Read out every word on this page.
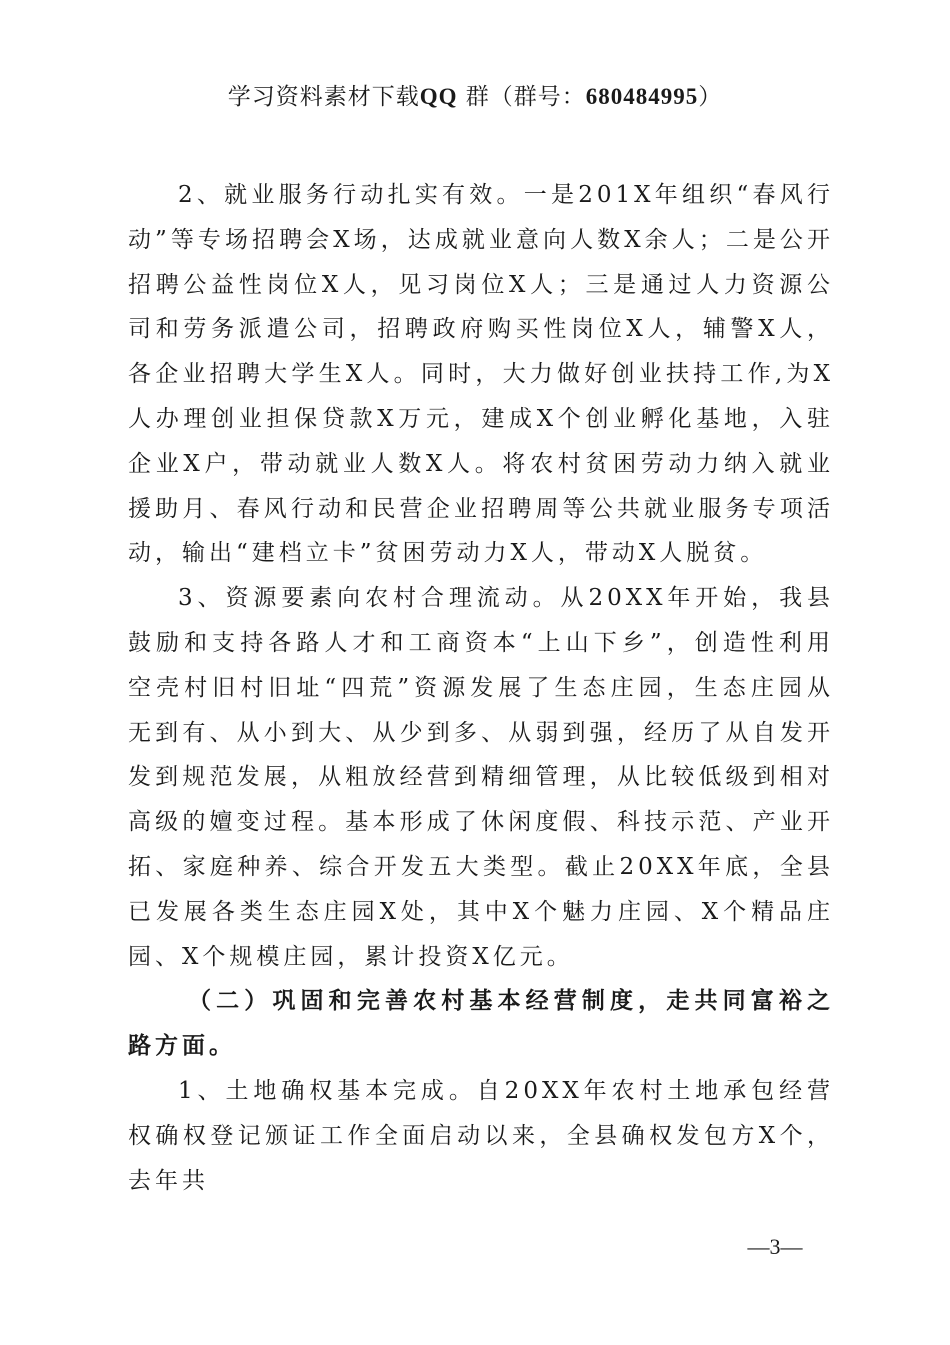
学习资料素材下载QQ 群（群号：680484995）

2、就业服务行动扎实有效。一是201X年组织“春风行动”等专场招聘会X场，达成就业意向人数X余人；二是公开招聘公益性岗位X人，见习岗位X人；三是通过人力资源公司和劳务派遣公司，招聘政府购买性岗位X人，辅警X人，各企业招聘大学生X人。同时，大力做好创业扶持工作,为X人办理创业担保贷款X万元，建成X个创业孵化基地，入驻企业X户，带动就业人数X人。将农村贫困劳动力纳入就业援助月、春风行动和民营企业招聘周等公共就业服务专项活动，输出“建档立卡”贫困劳动力X人，带动X人脱贫。

3、资源要素向农村合理流动。从20XX年开始，我县鼓励和支持各路人才和工商资本“上山下乡”，创造性利用空壳村旧村旧址“四荒”资源发展了生态庄园，生态庄园从无到有、从小到大、从少到多、从弱到强，经历了从自发开发到规范发展，从粗放经营到精细管理，从比较低级到相对高级的嬗变过程。基本形成了休闲度假、科技示范、产业开拓、家庭种养、综合开发五大类型。截止20XX年底，全县已发展各类生态庄园X处，其中X个魅力庄园、X个精品庄园、X个规模庄园，累计投资X亿元。

（二）巩固和完善农村基本经营制度，走共同富裕之路方面。

1、土地确权基本完成。自20XX年农村土地承包经营权确权登记颁证工作全面启动以来，全县确权发包方X个，去年共

—3—
